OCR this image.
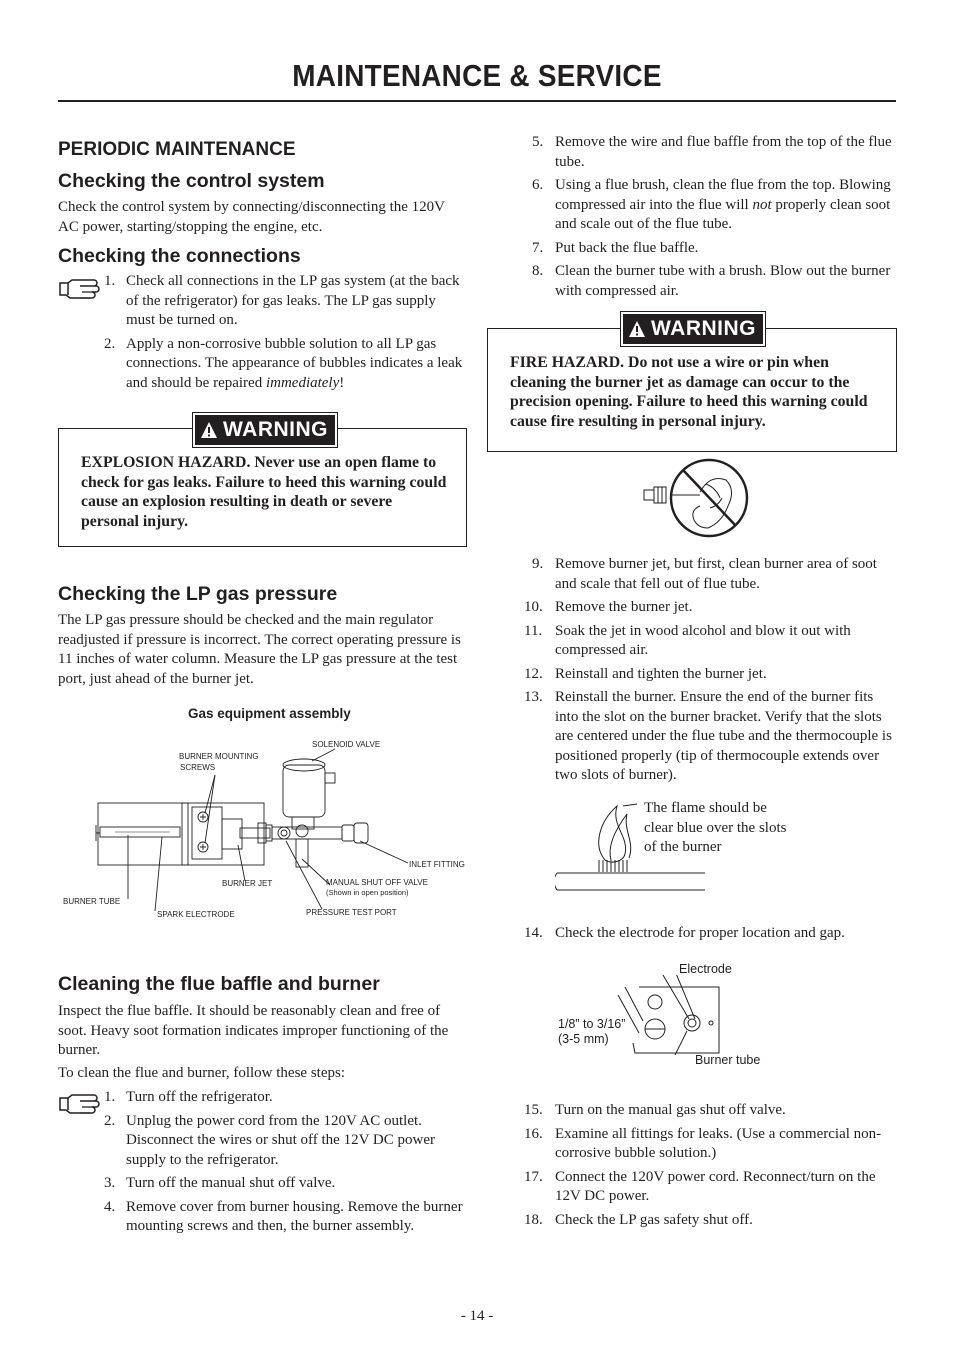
MAINTENANCE & SERVICE
PERIODIC MAINTENANCE
Checking the control system
Check the control system by connecting/disconnecting the 120V AC power, starting/stopping the engine, etc.
Checking the connections
1. Check all connections in the LP gas system (at the back of the refrigerator) for gas leaks. The LP gas supply must be turned on.
2. Apply a non-corrosive bubble solution to all LP gas connections. The appearance of bubbles indicates a leak and should be repaired immediately!
WARNING
EXPLOSION HAZARD. Never use an open flame to check for gas leaks. Failure to heed this warning could cause an explosion resulting in death or severe personal injury.
Checking the LP gas pressure
The LP gas pressure should be checked and the main regulator readjusted if pressure is incorrect. The correct operating pressure is 11 inches of water column. Measure the LP gas pressure at the test port, just ahead of the burner jet.
Gas equipment assembly
BURNER MOUNTING
SCREWS
SOLENOID VALVE
INLET FITTING
BURNER JET	MANUAL SHUT OFF VALVE
(Shown in open position)
BURNER TUBE
SPARK ELECTRODE	PRESSURE TEST PORT
Cleaning the flue baffle and burner
Inspect the flue baffle. It should be reasonably clean and free of soot. Heavy soot formation indicates improper functioning of the burner.
To clean the flue and burner, follow these steps:
1. Turn off the refrigerator.
2. Unplug the power cord from the 120V AC outlet. Disconnect the wires or shut off the 12V DC power supply to the refrigerator.
3. Turn off the manual shut off valve.
4. Remove cover from burner housing. Remove the burner mounting screws and then, the burner assembly.
5. Remove the wire and flue baffle from the top of the flue tube.
6. Using a flue brush, clean the flue from the top. Blowing compressed air into the flue will not properly clean soot and scale out of the flue tube.
7. Put back the flue baffle.
8. Clean the burner tube with a brush. Blow out the burner with compressed air.
WARNING
FIRE HAZARD. Do not use a wire or pin when cleaning the burner jet as damage can occur to the precision opening. Failure to heed this warning could cause fire resulting in personal injury.
9. Remove burner jet, but first, clean burner area of soot and scale that fell out of flue tube.
10. Remove the burner jet.
11. Soak the jet in wood alcohol and blow it out with compressed air.
12. Reinstall and tighten the burner jet.
13. Reinstall the burner. Ensure the end of the burner fits into the slot on the burner bracket. Verify that the slots are centered under the flue tube and the thermocouple is positioned properly (tip of thermocouple extends over two slots of burner).
The flame should be clear blue over the slots of the burner
14. Check the electrode for proper location and gap.
Electrode
1/8” to 3/16”
(3-5 mm)
Burner tube
15. Turn on the manual gas shut off valve.
16. Examine all fittings for leaks. (Use a commercial non-corrosive bubble solution.)
17. Connect the 120V power cord. Reconnect/turn on the 12V DC power.
18. Check the LP gas safety shut off.
- 14 -
